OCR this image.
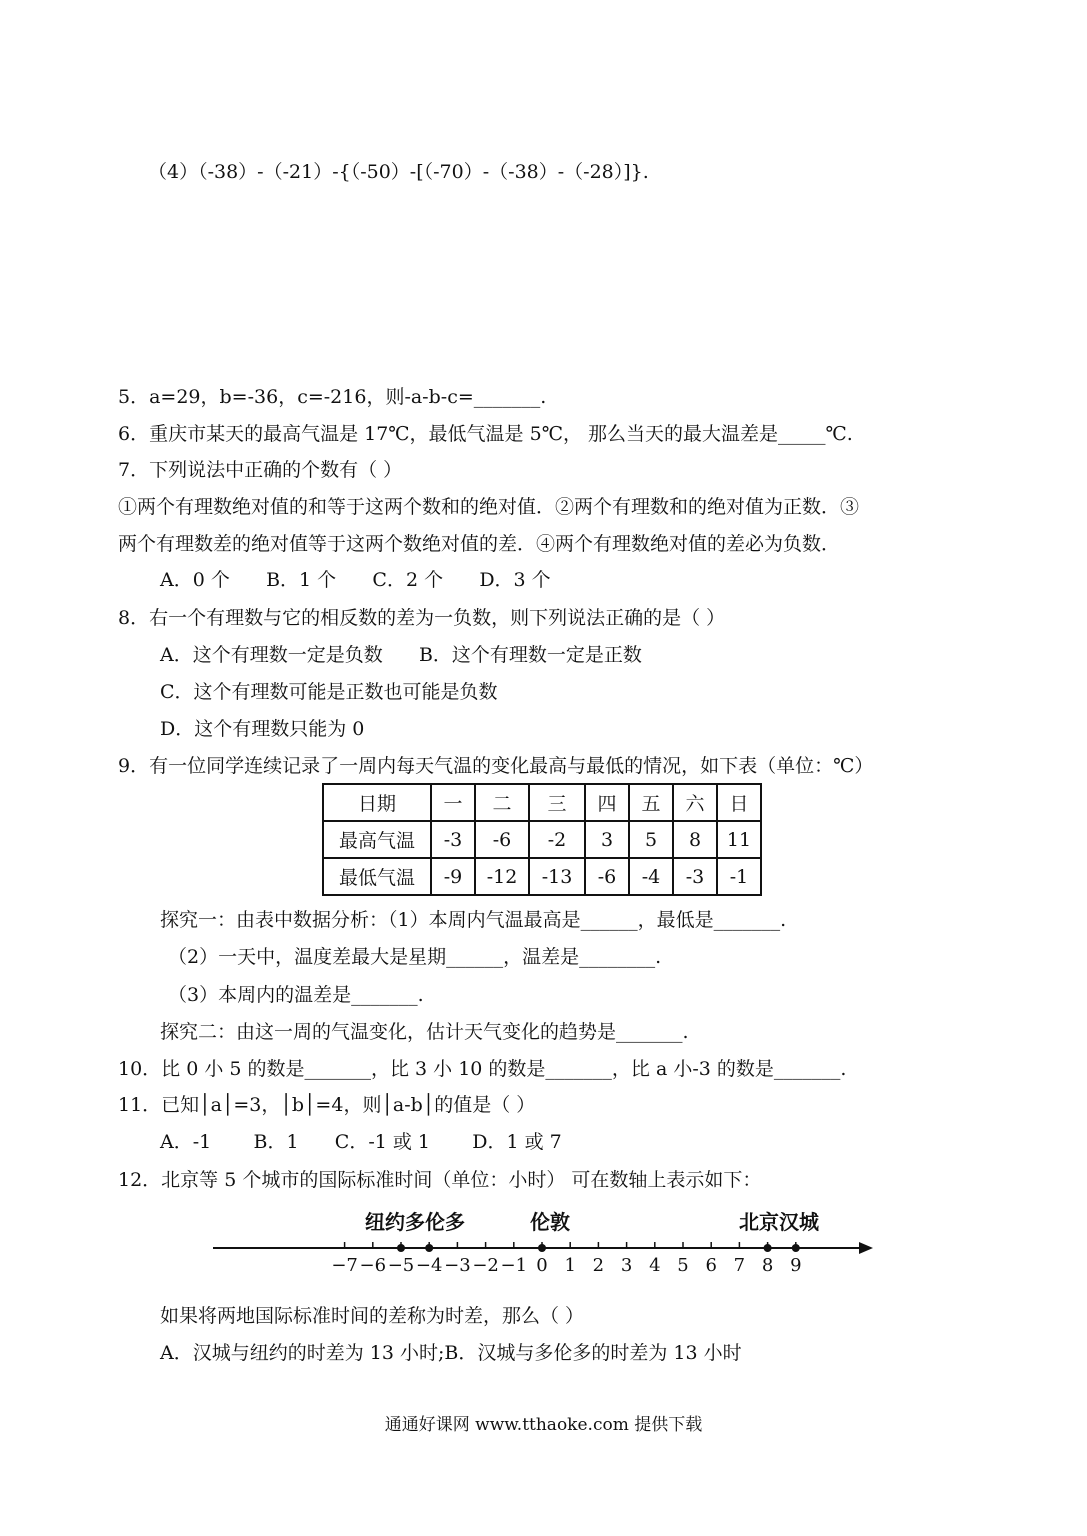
（4）（-38）-（-21）-{（-50）-[（-70）-（-38）-（-28）]}.
5．a=29，b=-36，c=-216，则-a-b-c=_______.
6．重庆市某天的最高气温是 17℃，最低气温是 5℃， 那么当天的最大温差是_____℃.
7．下列说法中正确的个数有（ ）
①两个有理数绝对值的和等于这两个数和的绝对值．②两个有理数和的绝对值为正数．③
两个有理数差的绝对值等于这两个数绝对值的差．④两个有理数绝对值的差必为负数．
A．0 个      B．1 个      C．2 个      D．3 个
8．右一个有理数与它的相反数的差为一负数，则下列说法正确的是（ ）
A．这个有理数一定是负数      B．这个有理数一定是正数
C．这个有理数可能是正数也可能是负数
D．这个有理数只能为 0
9．有一位同学连续记录了一周内每天气温的变化最高与最低的情况，如下表（单位：℃）
日期	一	二	三	四	五	六	日
最高气温	-3	-6	-2	3	5	8	11
最低气温	-9	-12	-13	-6	-4	-3	-1
探究一：由表中数据分析：（1）本周内气温最高是______，最低是_______.
（2）一天中，温度差最大是星期______，温差是________.
（3）本周内的温差是_______.
探究二：由这一周的气温变化，估计天气变化的趋势是_______.
10．比 0 小 5 的数是_______，比 3 小 10 的数是_______，比 a 小-3 的数是_______.
11．已知│a│=3，│b│=4，则│a-b│的值是（ ）
A．-1       B．1      C．-1 或 1       D．1 或 7
12．北京等 5 个城市的国际标准时间（单位：小时） 可在数轴上表示如下：
纽约多伦多	伦敦	北京汉城
−7 −6 −5 −4 −3 −2 −1 0 1 2 3 4 5 6 7 8 9
如果将两地国际标准时间的差称为时差，那么（ ）
A．汉城与纽约的时差为 13 小时;B．汉城与多伦多的时差为 13 小时
通通好课网 www.tthaoke.com 提供下载
